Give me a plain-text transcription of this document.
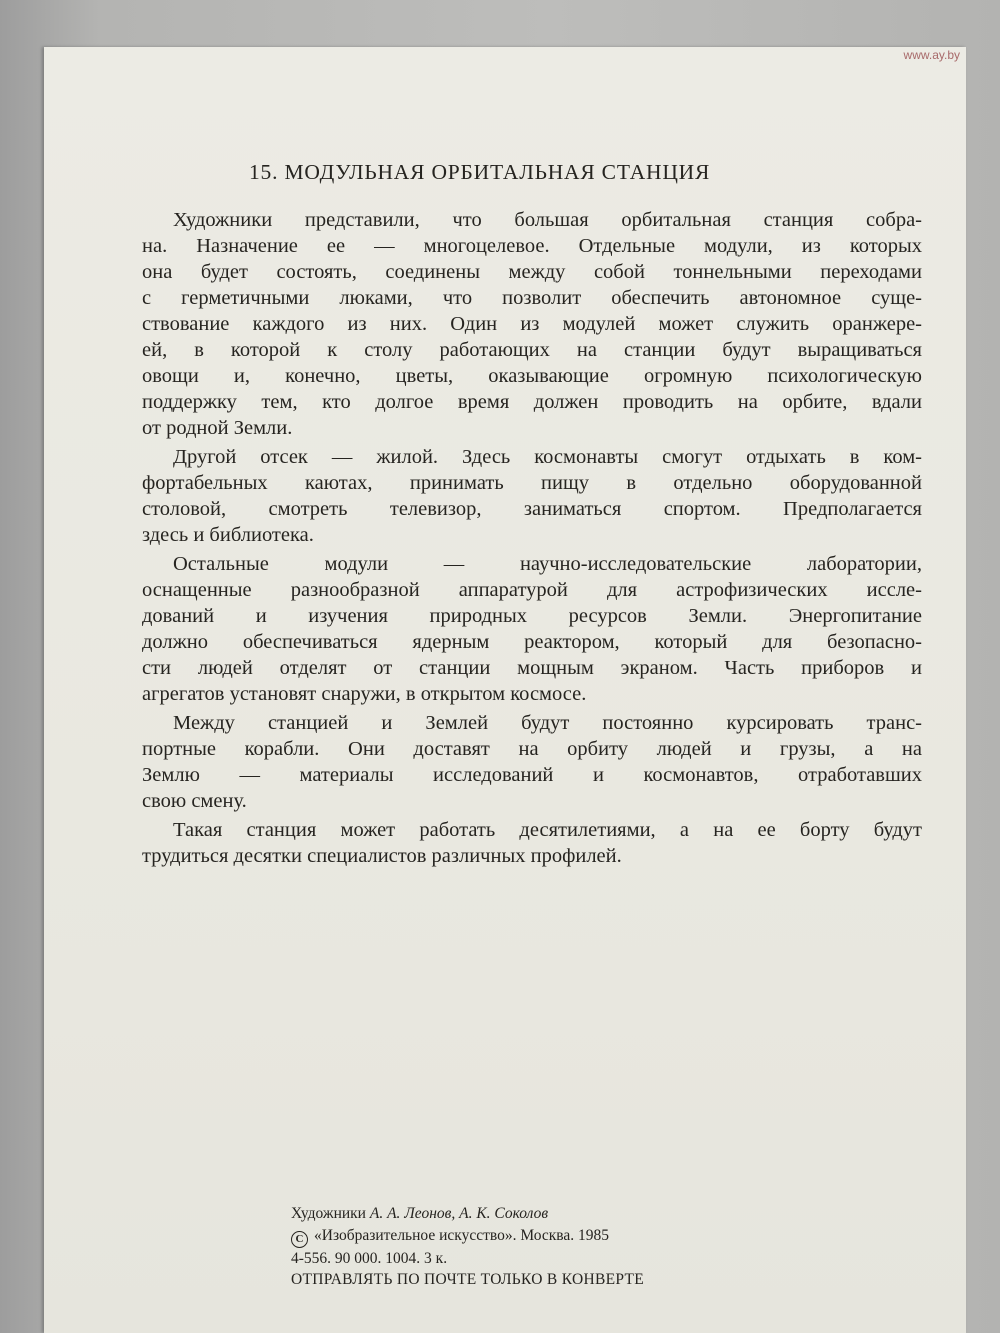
www.ay.by
15. МОДУЛЬНАЯ ОРБИТАЛЬНАЯ СТАНЦИЯ
Художники представили, что большая орбитальная станция собра-
на. Назначение ее — многоцелевое. Отдельные модули, из которых
она будет состоять, соединены между собой тоннельными переходами
с герметичными люками, что позволит обеспечить автономное суще-
ствование каждого из них. Один из модулей может служить оранжере-
ей, в которой к столу работающих на станции будут выращиваться
овощи и, конечно, цветы, оказывающие огромную психологическую
поддержку тем, кто долгое время должен проводить на орбите, вдали
от родной Земли.
Другой отсек — жилой. Здесь космонавты смогут отдыхать в ком-
фортабельных каютах, принимать пищу в отдельно оборудованной
столовой, смотреть телевизор, заниматься спортом. Предполагается
здесь и библиотека.
Остальные модули — научно-исследовательские лаборатории,
оснащенные разнообразной аппаратурой для астрофизических иссле-
дований и изучения природных ресурсов Земли. Энергопитание
должно обеспечиваться ядерным реактором, который для безопасно-
сти людей отделят от станции мощным экраном. Часть приборов и
агрегатов установят снаружи, в открытом космосе.
Между станцией и Землей будут постоянно курсировать транс-
портные корабли. Они доставят на орбиту людей и грузы, а на
Землю — материалы исследований и космонавтов, отработавших
свою смену.
Такая станция может работать десятилетиями, а на ее борту будут
трудиться десятки специалистов различных профилей.
Художники А. А. Леонов, А. К. Соколов
C «Изобразительное искусство». Москва. 1985
4-556. 90 000. 1004. 3 к.
ОТПРАВЛЯТЬ ПО ПОЧТЕ ТОЛЬКО В КОНВЕРТЕ
